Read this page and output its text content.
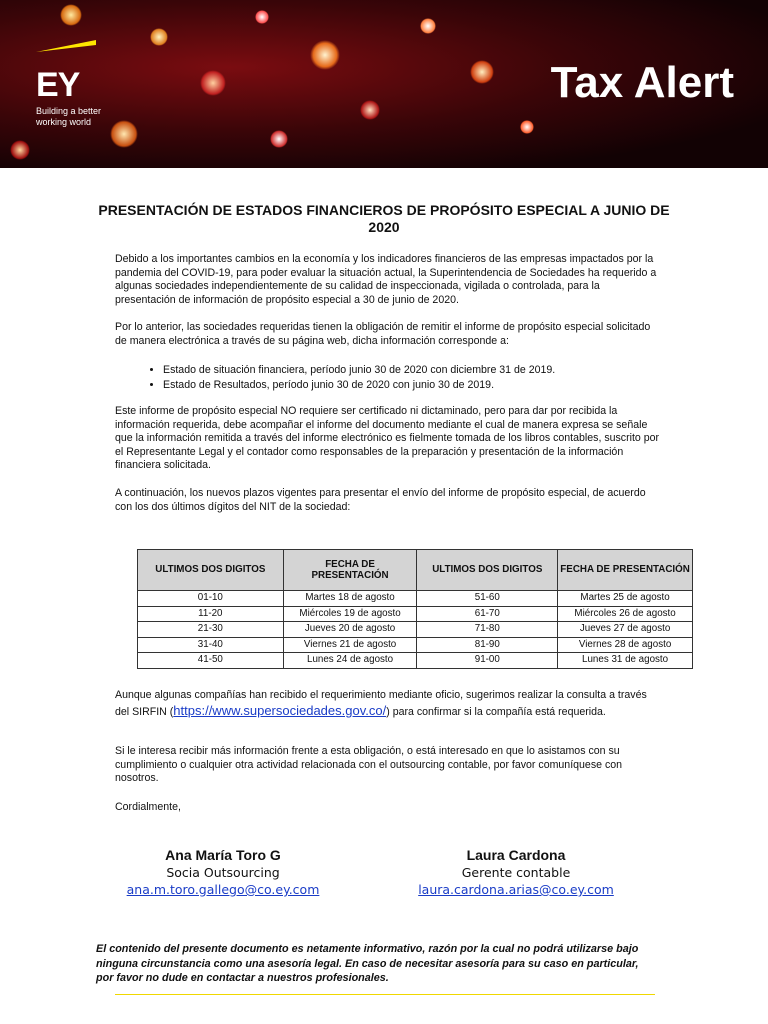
EY
Building a better working world
Tax Alert
PRESENTACIÓN DE ESTADOS FINANCIEROS DE PROPÓSITO ESPECIAL A JUNIO DE 2020
Debido a los importantes cambios en la economía y los indicadores financieros de las empresas impactados por la pandemia del COVID-19, para poder evaluar la situación actual, la Superintendencia de Sociedades ha requerido a algunas sociedades independientemente de su calidad de inspeccionada, vigilada o controlada, para la presentación de información de propósito especial a 30 de junio de 2020.
Por lo anterior, las sociedades requeridas tienen la obligación de remitir el informe de propósito especial solicitado de manera electrónica a través de su página web, dicha información corresponde a:
• Estado de situación financiera, período junio 30 de 2020 con diciembre 31 de 2019.
• Estado de Resultados, período junio 30 de 2020 con junio 30 de 2019.
Este informe de propósito especial NO requiere ser certificado ni dictaminado, pero para dar por recibida la información requerida, debe acompañar el informe del documento mediante el cual de manera expresa se señale que la información remitida a través del informe electrónico es fielmente tomada de los libros contables, suscrito por el Representante Legal y el contador como responsables de la preparación y presentación de la información financiera solicitada.
A continuación, los nuevos plazos vigentes para presentar el envío del informe de propósito especial, de acuerdo con los dos últimos dígitos del NIT de la sociedad:
ULTIMOS DOS DIGITOS	FECHA DE PRESENTACIÓN	ULTIMOS DOS DIGITOS	FECHA DE PRESENTACIÓN
01-10	Martes 18 de agosto	51-60	Martes 25 de agosto
11-20	Miércoles 19 de agosto	61-70	Miércoles 26 de agosto
21-30	Jueves 20 de agosto	71-80	Jueves 27 de agosto
31-40	Viernes 21 de agosto	81-90	Viernes 28 de agosto
41-50	Lunes 24 de agosto	91-00	Lunes 31 de agosto
Aunque algunas compañías han recibido el requerimiento mediante oficio, sugerimos realizar la consulta a través del SIRFIN (https://www.supersociedades.gov.co/) para confirmar si la compañía está requerida.
Si le interesa recibir más información frente a esta obligación, o está interesado en que lo asistamos con su cumplimiento o cualquier otra actividad relacionada con el outsourcing contable, por favor comuníquese con nosotros.
Cordialmente,
Ana María Toro G
Socia Outsourcing
ana.m.toro.gallego@co.ey.com
Laura Cardona
Gerente contable
laura.cardona.arias@co.ey.com
El contenido del presente documento es netamente informativo, razón por la cual no podrá utilizarse bajo ninguna circunstancia como una asesoría legal. En caso de necesitar asesoría para su caso en particular, por favor no dude en contactar a nuestros profesionales.
